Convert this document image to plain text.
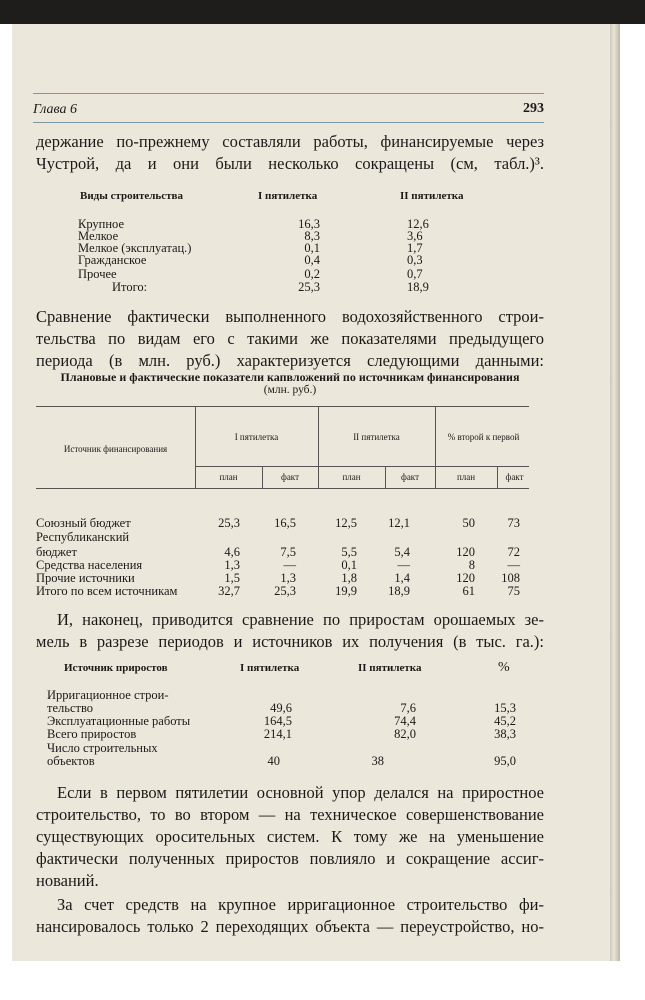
Глава 6	293
держание по-прежнему составляли работы, финансируемые через
Чустрой, да и они были несколько сокращены (см, табл.)³.
Виды строительства	I пятилетка	II пятилетка
Крупное	16,3	12,6
Мелкое	8,3	3,6
Мелкое (эксплуатац.)	0,1	1,7
Гражданское	0,4	0,3
Прочее	0,2	0,7
Итого:	25,3	18,9
Сравнение фактически выполненного водохозяйственного строи-
тельства по видам его с такими же показателями предыдущего
периода (в млн. руб.) характеризуется следующими данными:
Плановые и фактические показатели капвложений по источникам финансирования
(млн. руб.)
Источник финансирования
I пятилетка	II пятилетка	% второй к первой
план	факт	план	факт	план	факт
Союзный бюджет	25,3	16,5	12,5	12,1	50	73
Республиканский
бюджет	4,6	7,5	5,5	5,4	120	72
Средства населения	1,3	—	0,1	—	8	—
Прочие источники	1,5	1,3	1,8	1,4	120	108
Итого по всем источникам	32,7	25,3	19,9	18,9	61	75
И, наконец, приводится сравнение по приростам орошаемых зе-
мель в разрезе периодов и источников их получения (в тыс. га.):
Источник приростов	I пятилетка	II пятилетка	%
Ирригационное строи-
тельство	49,6	7,6	15,3
Эксплуатационные работы	164,5	74,4	45,2
Всего приростов	214,1	82,0	38,3
Число строительных
объектов	40	38	95,0
Если в первом пятилетии основной упор делался на приростное
строительство, то во втором — на техническое совершенствование
существующих оросительных систем. К тому же на уменьшение
фактически полученных приростов повлияло и сокращение ассиг-
нований.
За счет средств на крупное ирригационное строительство фи-
нансировалось только 2 переходящих объекта — переустройство, но-
